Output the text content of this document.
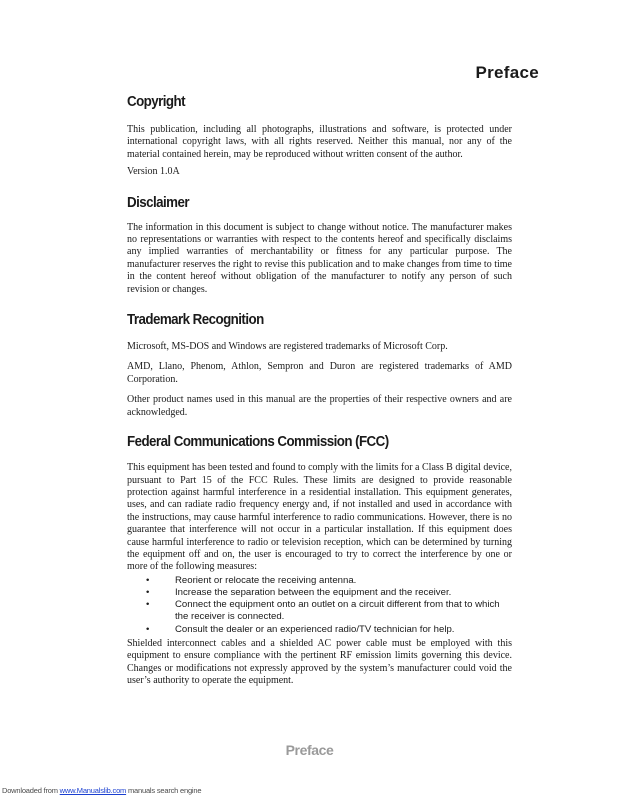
Preface
Copyright

This publication, including all photographs, illustrations and software, is protected under international copyright laws, with all rights reserved. Neither this manual, nor any of the material contained herein, may be reproduced without written consent of the author.

Version 1.0A

Disclaimer

The information in this document is subject to change without notice. The manufacturer makes no representations or warranties with respect to the contents hereof and specifically disclaims any implied warranties of merchantability or fitness for any particular purpose. The manufacturer reserves the right to revise this publication and to make changes from time to time in the content hereof without obligation of the manufacturer to notify any person of such revision or changes.

Trademark Recognition

Microsoft, MS-DOS and Windows are registered trademarks of Microsoft Corp.

AMD, Llano, Phenom, Athlon, Sempron and Duron are registered trademarks of AMD Corporation.

Other product names used in this manual are the properties of their respective owners and are acknowledged.

Federal Communications Commission (FCC)

This equipment has been tested and found to comply with the limits for a Class B digital device, pursuant to Part 15 of the FCC Rules. These limits are designed to provide reasonable protection against harmful interference in a residential installation. This equipment generates, uses, and can radiate radio frequency energy and, if not installed and used in accordance with the instructions, may cause harmful interference to radio communications. However, there is no guarantee that interference will not occur in a particular installation. If this equipment does cause harmful interference to radio or television reception, which can be determined by turning the equipment off and on, the user is encouraged to try to correct the interference by one or more of the following measures:

•	Reorient or relocate the receiving antenna.
•	Increase the separation between the equipment and the receiver.
•	Connect the equipment onto an outlet on a circuit different from that to which the receiver is connected.
•	Consult the dealer or an experienced radio/TV technician for help.

Shielded interconnect cables and a shielded AC power cable must be employed with this equipment to ensure compliance with the pertinent RF emission limits governing this device. Changes or modifications not expressly approved by the system’s manufacturer could void the user’s authority to operate the equipment.

Preface
Downloaded from www.Manualslib.com manuals search engine
